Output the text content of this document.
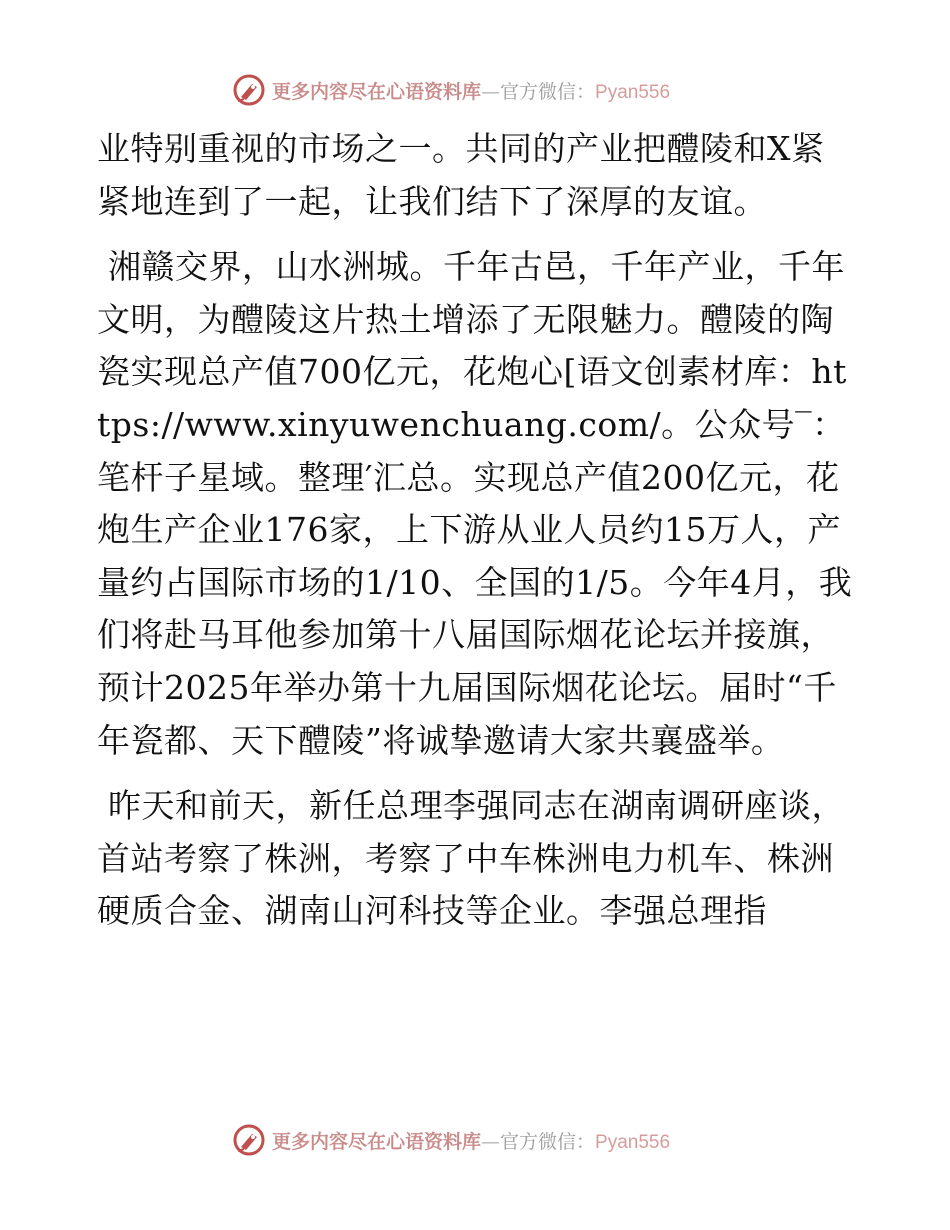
更多内容尽在心语资料库—官方微信：Pyan556

业特别重视的市场之一。共同的产业把醴陵和X紧紧地连到了一起，让我们结下了深厚的友谊。

湘赣交界，山水洲城。千年古邑，千年产业，千年文明，为醴陵这片热土增添了无限魅力。醴陵的陶瓷实现总产值700亿元，花炮心[语文创素材库：https://www.xinyuwenchuang.com/。公众号‾：笔杆子星域。整理′汇总。实现总产值200亿元，花炮生产企业176家，上下游从业人员约15万人，产量约占国际市场的1/10、全国的1/5。今年4月，我们将赴马耳他参加第十八届国际烟花论坛并接旗，预计2025年举办第十九届国际烟花论坛。届时“千年瓷都、天下醴陵”将诚挚邀请大家共襄盛举。

昨天和前天，新任总理李强同志在湖南调研座谈，首站考察了株洲，考察了中车株洲电力机车、株洲硬质合金、湖南山河科技等企业。李强总理指

更多内容尽在心语资料库—官方微信：Pyan556
